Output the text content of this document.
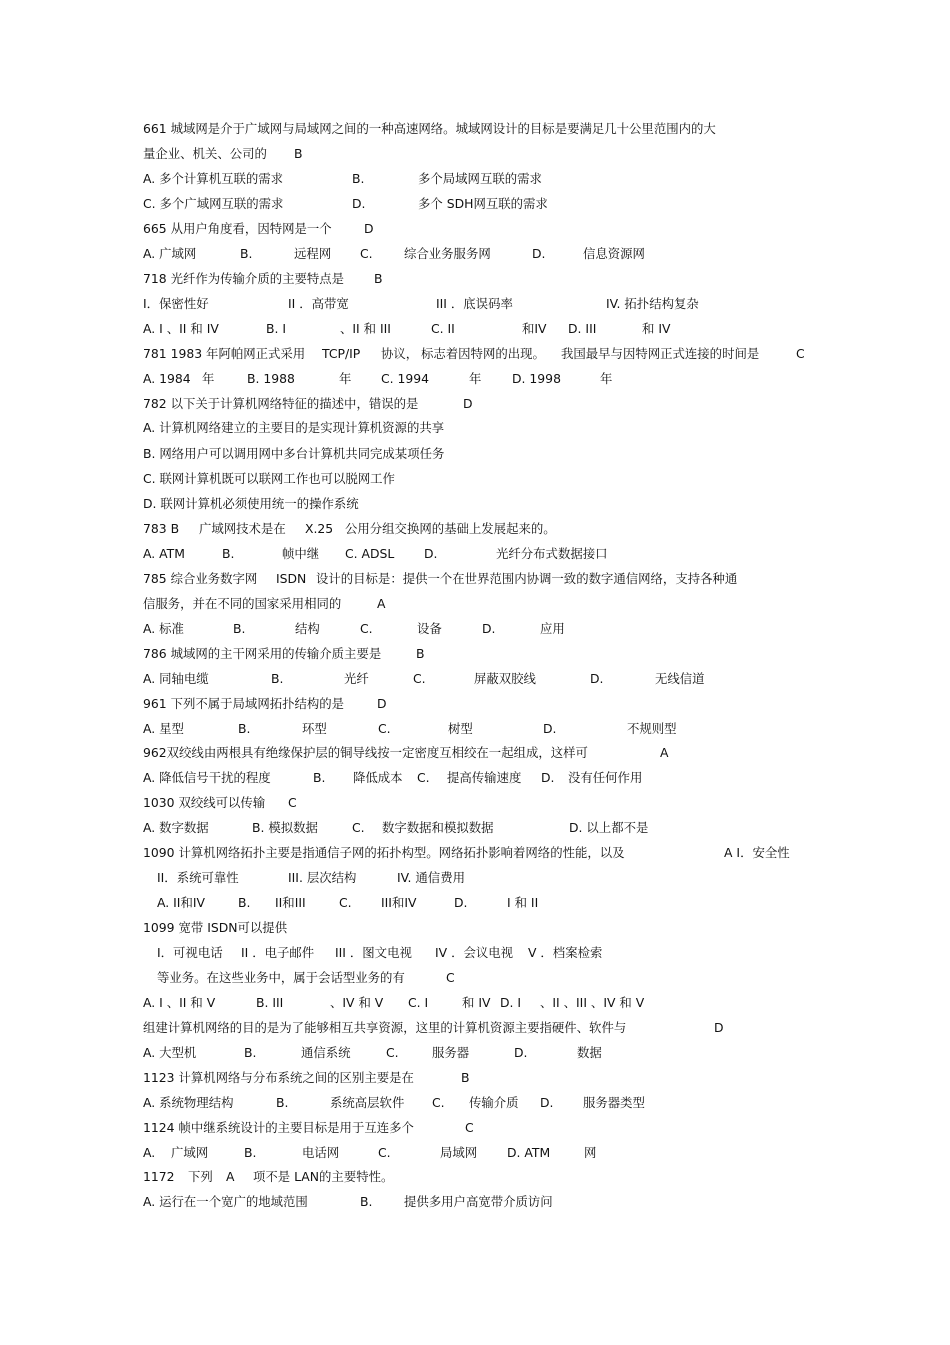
661 城域网是介于广域网与局域网之间的一种高速网络。城域网设计的目标是要满足几十公里范围内的大
量企业、机关、公司的 B
A. 多个计算机互联的需求	B.	多个局域网互联的需求
C. 多个广域网互联的需求	D.	多个 SDH网互联的需求
665 从用户角度看，因特网是一个	D
A. 广域网	B.	远程网 C.	综合业务服务网	D.	信息资源网
718 光纤作为传输介质的主要特点是 B
I．保密性好	II ．高带宽	III ．底误码率	IV. 拓扑结构复杂
A. I 、II 和 IV	B. I	、II 和 III	C. II	和IV D. III	和 IV
781 1983 年阿帕网正式采用 TCP/IP 协议， 标志着因特网的出现。 我国最早与因特网正式连接的时间是	C
A. 1984 年	B. 1988	年 C. 1994	年 D. 1998	年
782 以下关于计算机网络特征的描述中，错误的是	D
A. 计算机网络建立的主要目的是实现计算机资源的共享
B. 网络用户可以调用网中多台计算机共同完成某项任务
C. 联网计算机既可以联网工作也可以脱网工作
D. 联网计算机必须使用统一的操作系统
783 B 广域网技术是在 X.25 公用分组交换网的基础上发展起来的。
A. ATM	B.	帧中继 C. ADSL D.	光纤分布式数据接口
785 综合业务数字网 ISDN 设计的目标是：提供一个在世界范围内协调一致的数字通信网络，支持各种通
信服务，并在不同的国家采用相同的	A
A. 标准	B.	结构	C.	设备	D.	应用
786 城域网的主干网采用的传输介质主要是	B
A. 同轴电缆	B.	光纤	C.	屏蔽双胶线	D.	无线信道
961 下列不属于局域网拓扑结构的是	D
A. 星型	B.	环型	C.	树型	D.	不规则型
962双绞线由两根具有绝缘保护层的铜导线按一定密度互相绞在一起组成，这样可	A
A. 降低信号干扰的程度	B. 降低成本 C. 提高传输速度 D. 没有任何作用
1030 双绞线可以传输 C
A. 数字数据	B. 模拟数据	C. 数字数据和模拟数据	D. 以上都不是
1090 计算机网络拓扑主要是指通信子网的拓扑构型。网络拓扑影响着网络的性能，以及	A I．安全性
II．系统可靠性	III. 层次结构	IV. 通信费用
A. II和IV	B. II和III	C. III和IV	D.	I 和 II
1099 宽带 ISDN可以提供
I．可视电话 II ．电子邮件 III ．图文电视 IV ．会议电视 V ．档案检索
等业务。在这些业务中，属于会话型业务的有	C
A. I 、II 和 V	B. III	、IV 和 V C. I	和 IV D. I 、II 、III 、IV 和 V
组建计算机网络的目的是为了能够相互共享资源，这里的计算机资源主要指硬件、软件与	D
A. 大型机	B.	通信系统	C.	服务器	D.	数据
1123 计算机网络与分布系统之间的区别主要是在	B
A. 系统物理结构	B.	系统高层软件 C. 传输介质 D. 服务器类型
1124 帧中继系统设计的主要目标是用于互连多个	C
A. 广域网	B.	电话网	C.	局域网 D. ATM	网
1172 下列 A 项不是 LAN的主要特性。
A. 运行在一个宽广的地域范围	B.	提供多用户高宽带介质访问
